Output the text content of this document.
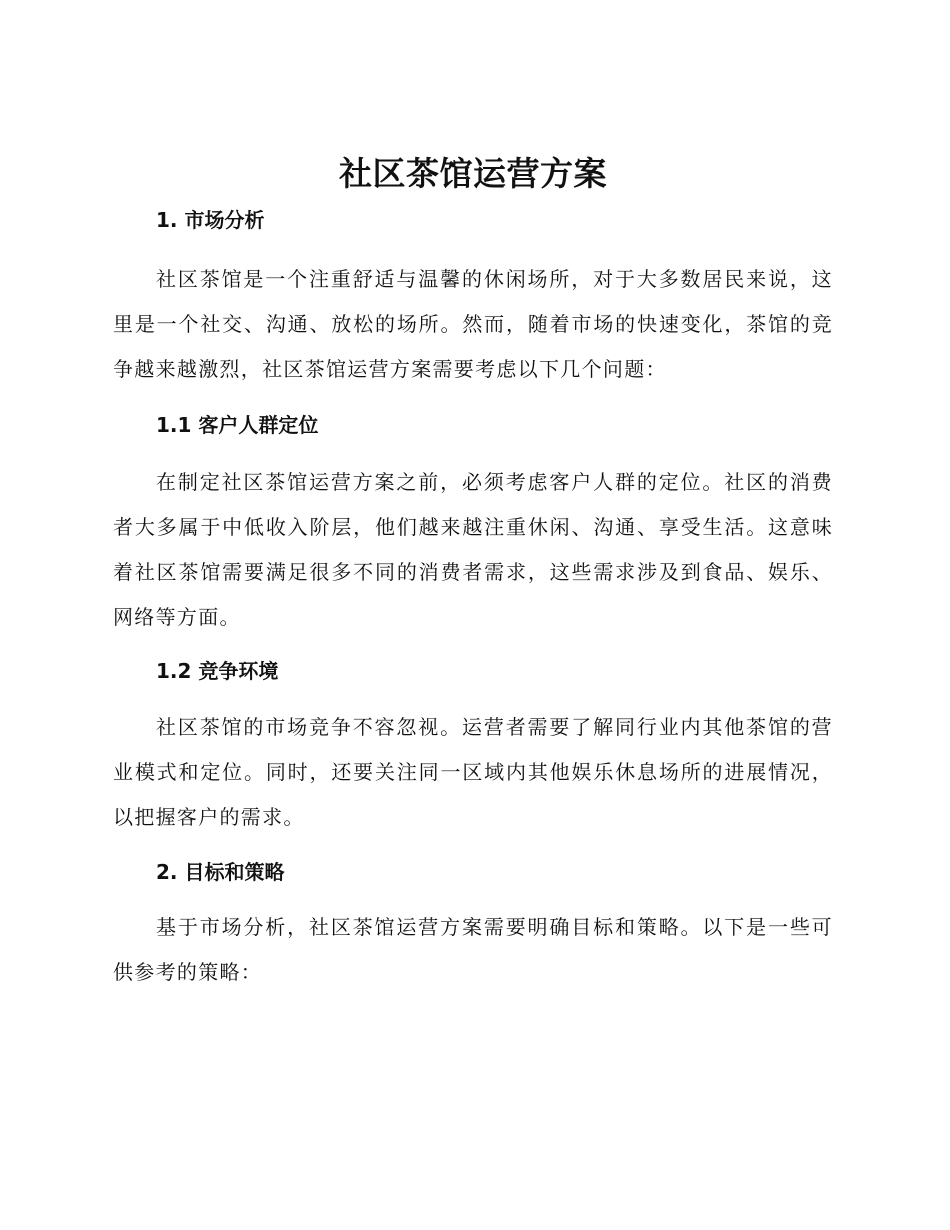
社区茶馆运营方案
1. 市场分析

社区茶馆是一个注重舒适与温馨的休闲场所，对于大多数居民来说，这里是一个社交、沟通、放松的场所。然而，随着市场的快速变化，茶馆的竞争越来越激烈，社区茶馆运营方案需要考虑以下几个问题：

1.1 客户人群定位

在制定社区茶馆运营方案之前，必须考虑客户人群的定位。社区的消费者大多属于中低收入阶层，他们越来越注重休闲、沟通、享受生活。这意味着社区茶馆需要满足很多不同的消费者需求，这些需求涉及到食品、娱乐、网络等方面。

1.2 竞争环境

社区茶馆的市场竞争不容忽视。运营者需要了解同行业内其他茶馆的营业模式和定位。同时，还要关注同一区域内其他娱乐休息场所的进展情况，以把握客户的需求。

2. 目标和策略

基于市场分析，社区茶馆运营方案需要明确目标和策略。以下是一些可供参考的策略：
